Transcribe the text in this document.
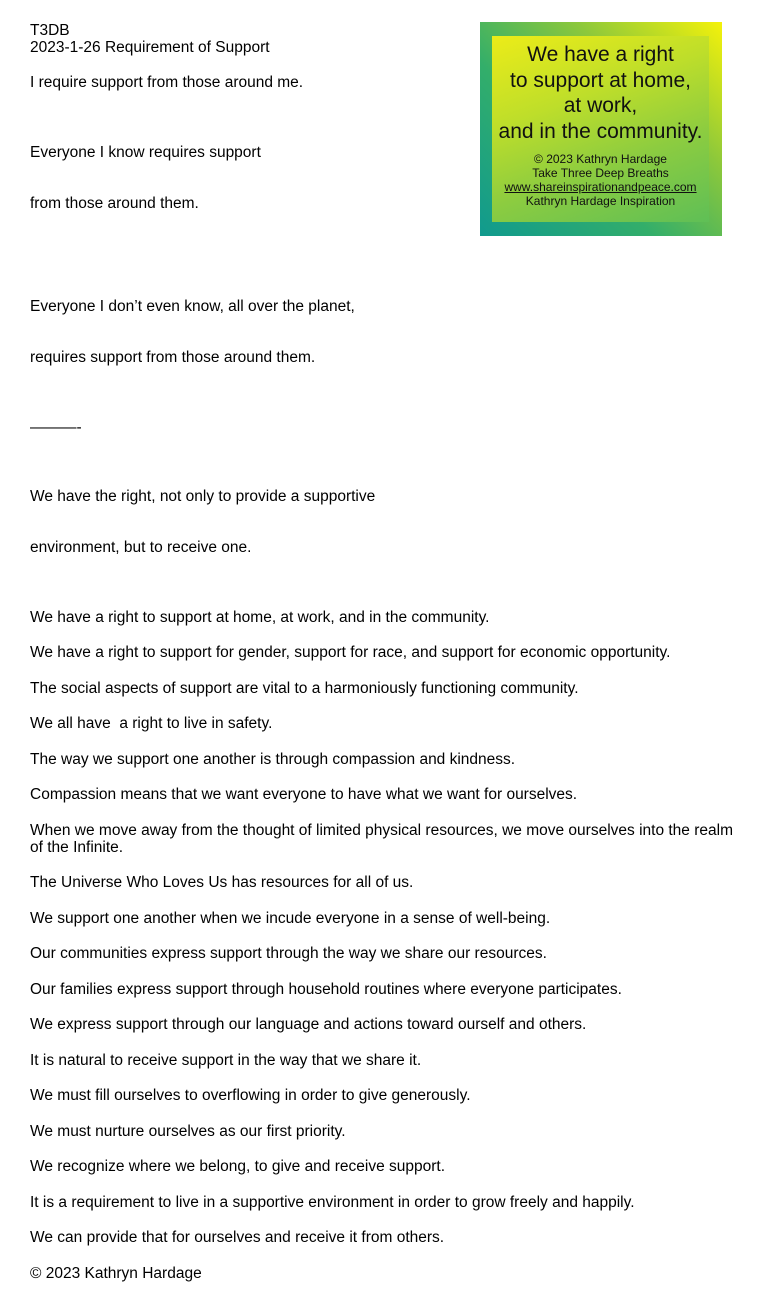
T3DB

2023-1-26 Requirement of Support

I require support from those around me.

Everyone I know requires support

from those around them.

Everyone I don’t even know, all over the planet,

requires support from those around them.

———-

We have the right, not only to provide a supportive

environment, but to receive one.

We have a right to support at home, at work, and in the community.

We have a right to support for gender, support for race, and support for economic opportunity.

The social aspects of support are vital to a harmoniously functioning community.

We all have  a right to live in safety.

The way we support one another is through compassion and kindness.

Compassion means that we want everyone to have what we want for ourselves.

When we move away from the thought of limited physical resources, we move ourselves into the realm of the Infinite.

The Universe Who Loves Us has resources for all of us.

We support one another when we incude everyone in a sense of well-being.

Our communities express support through the way we share our resources.

Our families express support through household routines where everyone participates.

We express support through our language and actions toward ourself and others.

It is natural to receive support in the way that we share it.

We must fill ourselves to overflowing in order to give generously.

We must nurture ourselves as our first priority.

We recognize where we belong, to give and receive support.

It is a requirement to live in a supportive environment in order to grow freely and happily.

We can provide that for ourselves and receive it from others.

© 2023 Kathryn Hardage

We have a right
to support at home,
at work,
and in the community.
© 2023 Kathryn Hardage
Take Three Deep Breaths
www.shareinspirationandpeace.com
Kathryn Hardage Inspiration
